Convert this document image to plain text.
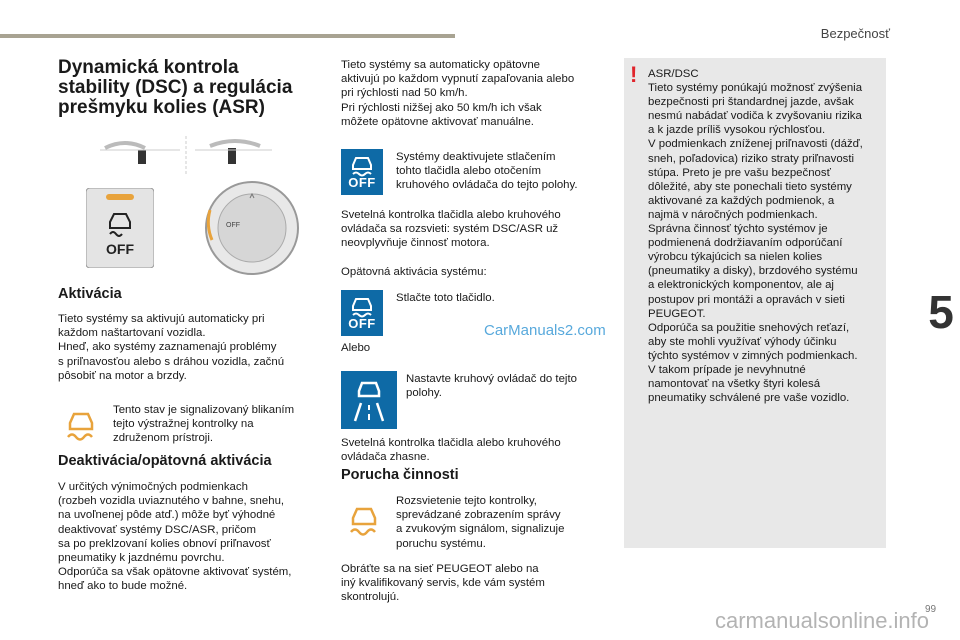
Bezpečnosť
5
Dynamická kontrola
stability (DSC) a regulácia
prešmyku kolies (ASR)
OFF
OFF
Aktivácia

Tieto systémy sa aktivujú automaticky pri
každom naštartovaní vozidla.
Hneď, ako systémy zaznamenajú problémy
s priľnavosťou alebo s dráhou vozidla, začnú
pôsobiť na motor a brzdy.

Tento stav je signalizovaný blikaním
tejto výstražnej kontrolky na
združenom prístroji.

Deaktivácia/opätovná aktivácia

V určitých výnimočných podmienkach
(rozbeh vozidla uviaznutého v bahne, snehu,
na uvoľnenej pôde atď.) môže byť výhodné
deaktivovať systémy DSC/ASR, pričom
sa po preklzovaní kolies obnoví priľnavosť
pneumatiky k jazdnému povrchu.
Odporúča sa však opätovne aktivovať systém,
hneď ako to bude možné.

Tieto systémy sa automaticky opätovne
aktivujú po každom vypnutí zapaľovania alebo
pri rýchlosti nad 50 km/h.
Pri rýchlosti nižšej ako 50 km/h ich však
môžete opätovne aktivovať manuálne.

OFF

Systémy deaktivujete stlačením
tohto tlačidla alebo otočením
kruhového ovládača do tejto polohy.

Svetelná kontrolka tlačidla alebo kruhového
ovládača sa rozsvieti: systém DSC/ASR už
neovplyvňuje činnosť motora.

Opätovná aktivácia systému:

OFF

Stlačte toto tlačidlo.

Alebo

Nastavte kruhový ovládač do tejto
polohy.

Svetelná kontrolka tlačidla alebo kruhového
ovládača zhasne.

Porucha činnosti

Rozsvietenie tejto kontrolky,
sprevádzané zobrazením správy
a zvukovým signálom, signalizuje
poruchu systému.

Obráťte sa na sieť PEUGEOT alebo na
iný kvalifikovaný servis, kde vám systém
skontrolujú.

CarManuals2.com
! ASR/DSC
Tieto systémy ponúkajú možnosť zvýšenia
bezpečnosti pri štandardnej jazde, avšak
nesmú nabádať vodiča k zvyšovaniu rizika
a k jazde príliš vysokou rýchlosťou.
V podmienkach zníženej priľnavosti (dážď,
sneh, poľadovica) riziko straty priľnavosti
stúpa. Preto je pre vašu bezpečnosť
dôležité, aby ste ponechali tieto systémy
aktivované za každých podmienok, a
najmä v náročných podmienkach.
Správna činnosť týchto systémov je
podmienená dodržiavaním odporúčaní
výrobcu týkajúcich sa nielen kolies
(pneumatiky a disky), brzdového systému
a elektronických komponentov, ale aj
postupov pri montáži a opravách v sieti
PEUGEOT.
Odporúča sa použitie snehových reťazí,
aby ste mohli využívať výhody účinku
týchto systémov v zimných podmienkach.
V takom prípade je nevyhnutné
namontovať na všetky štyri kolesá
pneumatiky schválené pre vaše vozidlo.
99
carmanualsonline.info
